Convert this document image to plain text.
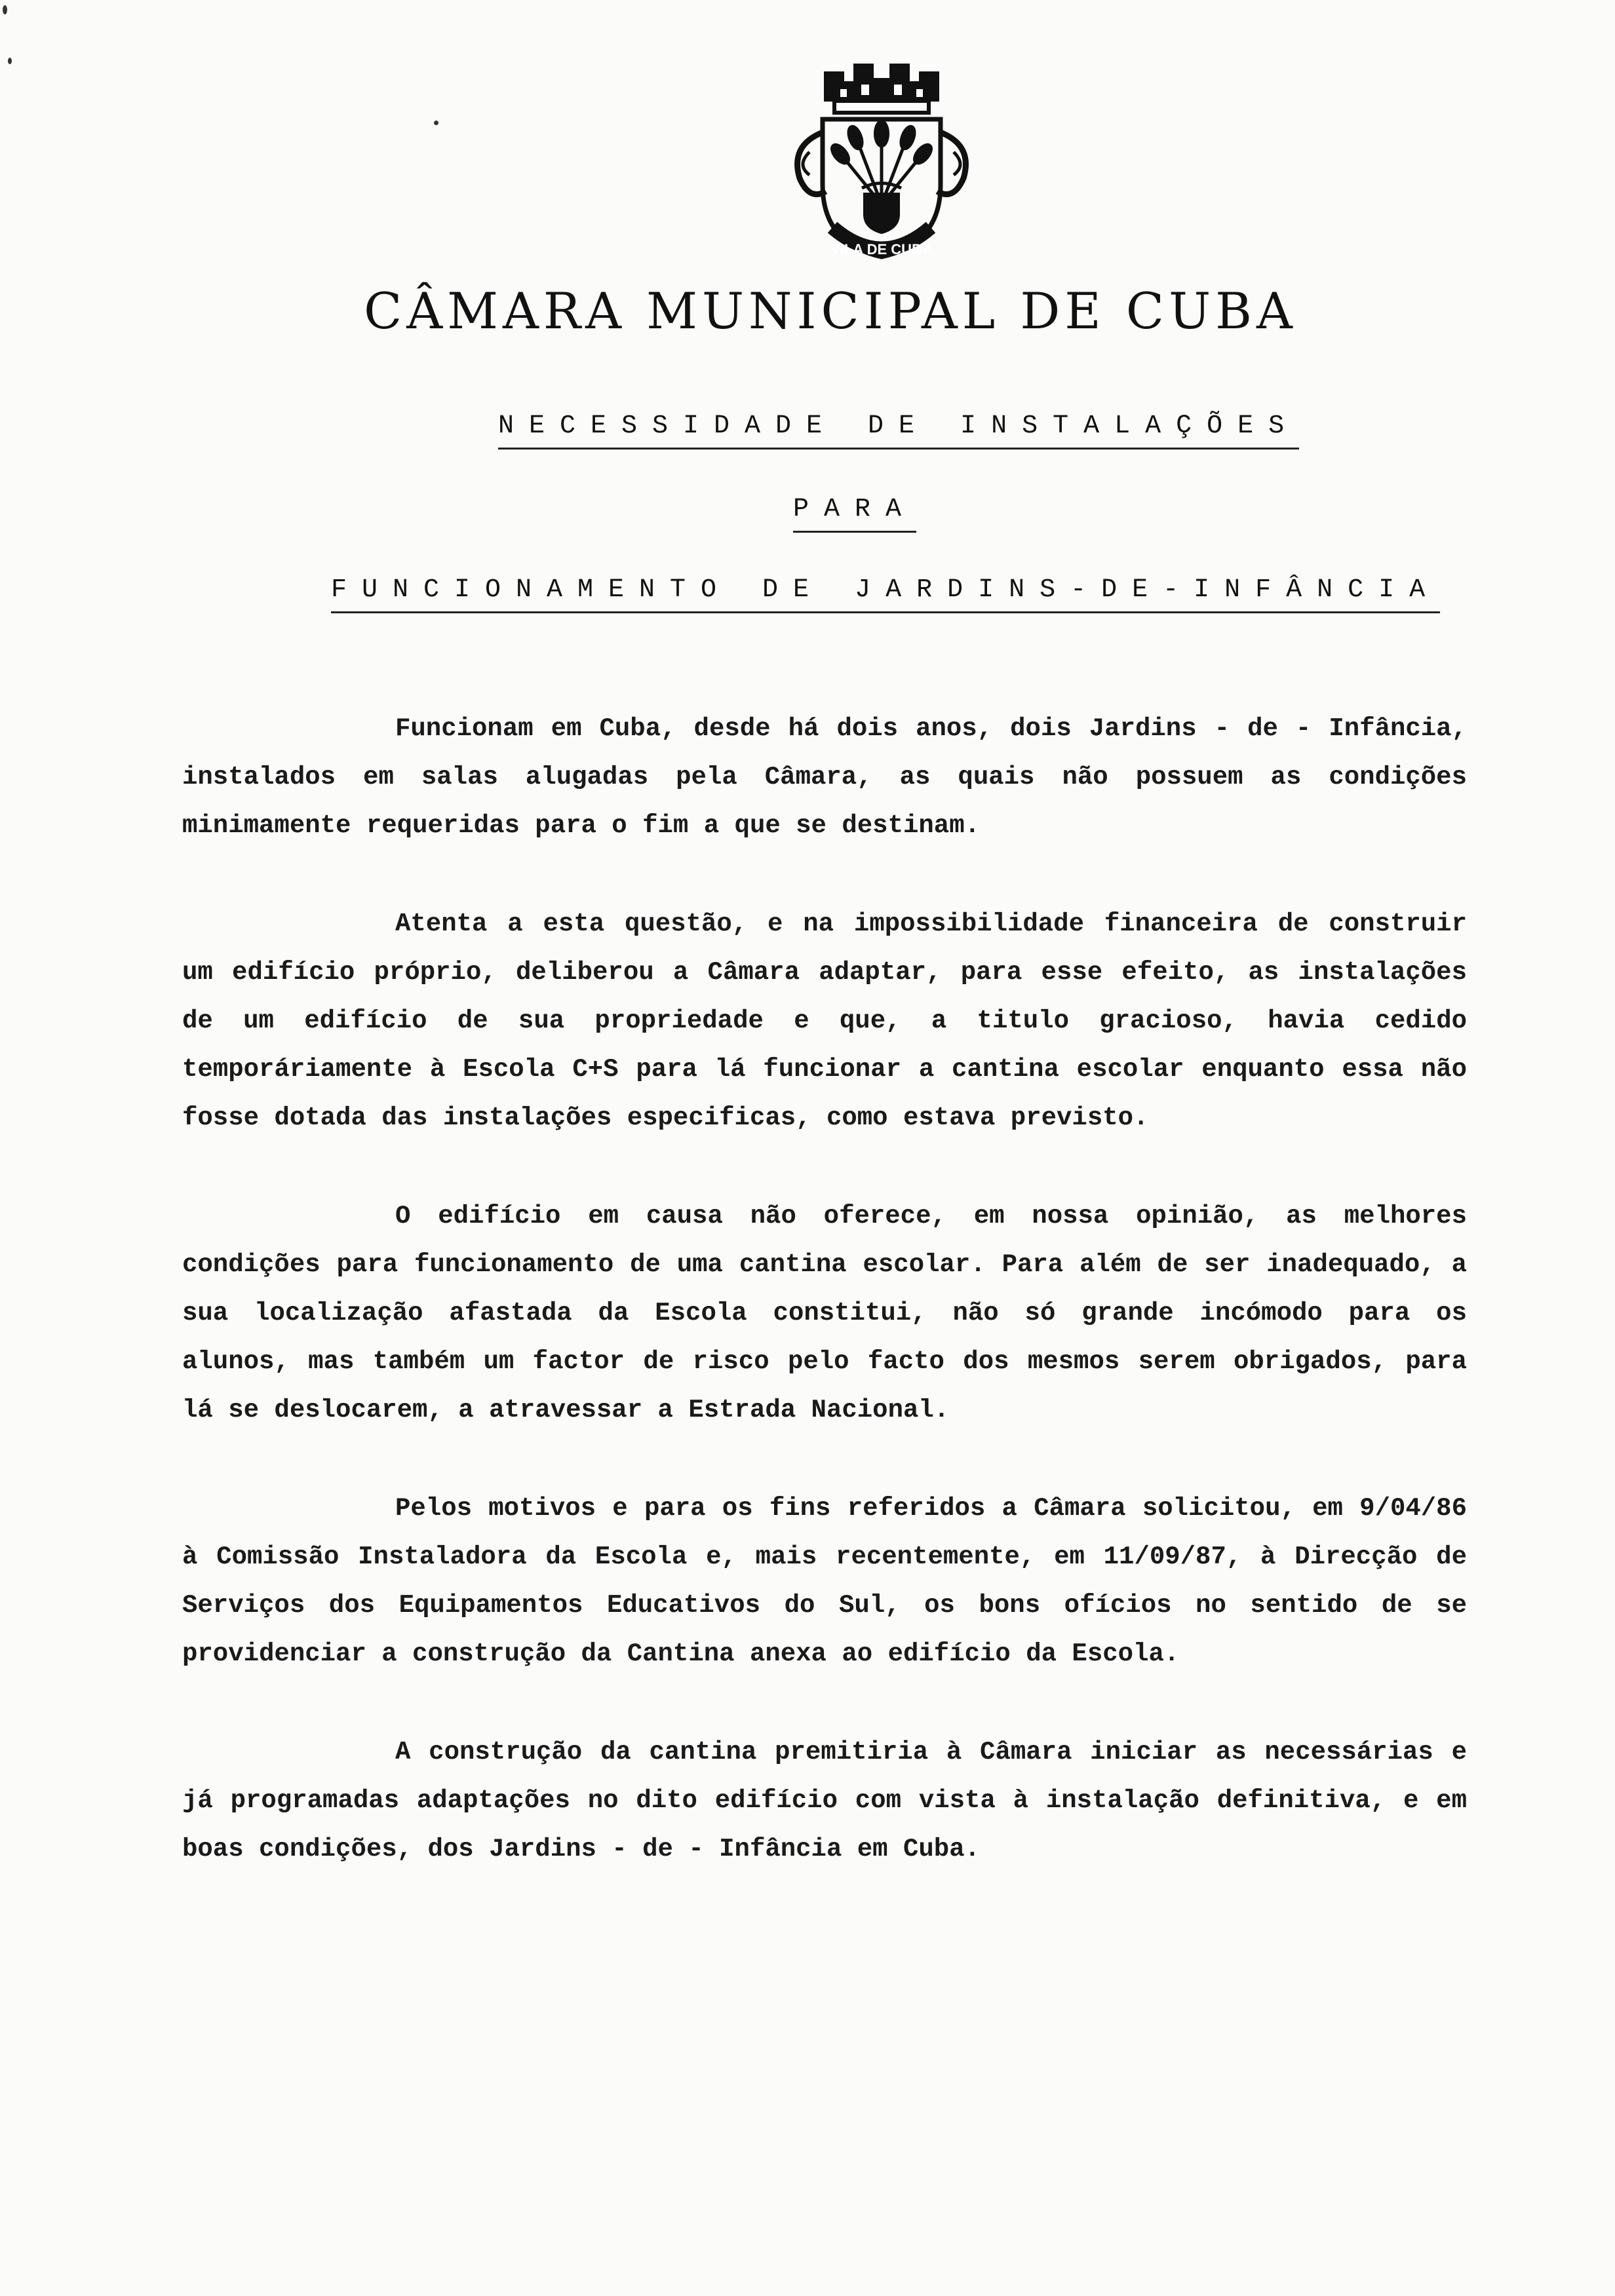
VILA DE CUBA
CÂMARA MUNICIPAL DE CUBA
NECESSIDADE DE INSTALAÇÕES
PARA
FUNCIONAMENTO DE JARDINS-DE-INFÂNCIA

Funcionam em Cuba, desde há dois anos, dois Jardins - de - Infância, instalados em salas alugadas pela Câmara, as quais não possuem as condições minimamente requeridas para o fim a que se destinam.

Atenta a esta questão, e na impossibilidade financeira de construir um edifício próprio, deliberou a Câmara adaptar, para esse efeito, as instalações de um edifício de sua propriedade e que, a titulo gracioso, havia cedido temporáriamente à Escola C+S para lá funcionar a cantina escolar enquanto essa não fosse dotada das instalações especificas, como estava previsto.

O edifício em causa não oferece, em nossa opinião, as melhores condições para funcionamento de uma cantina escolar. Para além de ser inadequado, a sua localização afastada da Escola constitui, não só grande incómodo para os alunos, mas também um factor de risco pelo facto dos mesmos serem obrigados, para lá se deslocarem, a atravessar a Estrada Nacional.

Pelos motivos e para os fins referidos a Câmara solicitou, em 9/04/86 à Comissão Instaladora da Escola e, mais recentemente, em 11/09/87, à Direcção de Serviços dos Equipamentos Educativos do Sul, os bons ofícios no sentido de se providenciar a construção da Cantina anexa ao edifício da Escola.

A construção da cantina premitiria à Câmara iniciar as necessárias e já programadas adaptações no dito edifício com vista à instalação definitiva, e em boas condições, dos Jardins - de - Infância em Cuba.
